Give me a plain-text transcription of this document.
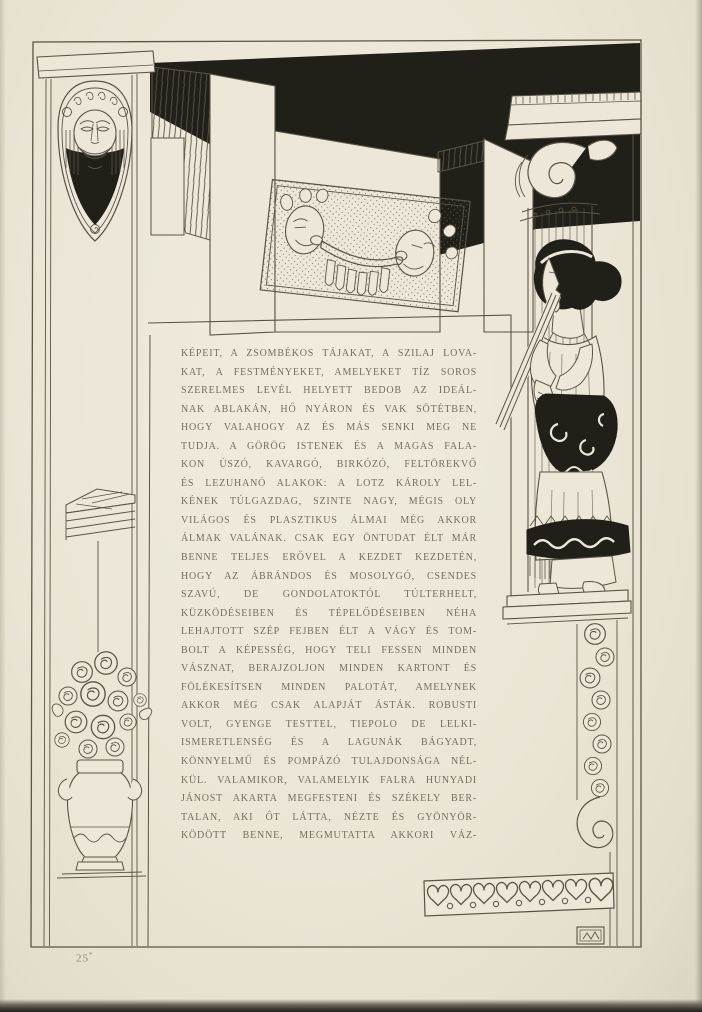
KÉPEIT, A ZSOMBÉKOS TÁJAKAT, A SZILAJ LOVA-
KAT, A FESTMÉNYEKET, AMELYEKET TÍZ SOROS
SZERELMES LEVÉL HELYETT BEDOB AZ IDEÁL-
NAK ABLAKÁN, HŐ NYÁRON ÉS VAK SÖTÉTBEN,
HOGY VALAHOGY AZ ÉS MÁS SENKI MEG NE
TUDJA. A GÖRÖG ISTENEK ÉS A MAGAS FALA-
KON ÚSZÓ, KAVARGÓ, BIRKÓZÓ, FELTÖREKVŐ
ÉS LEZUHANÓ ALAKOK: A LOTZ KÁROLY LEL-
KÉNEK TÚLGAZDAG, SZINTE NAGY, MÉGIS OLY
VILÁGOS ÉS PLASZTIKUS ÁLMAI MÉG AKKOR
ÁLMAK VALÁNAK. CSAK EGY ÖNTUDAT ÉLT MÁR
BENNE TELJES ERŐVEL A KEZDET KEZDETÉN,
HOGY AZ ÁBRÁNDOS ÉS MOSOLYGÓ, CSENDES
SZAVÚ, DE GONDOLATOKTÓL TÚLTERHELT,
KÜZKÖDÉSEIBEN ÉS TÉPELŐDÉSEIBEN NÉHA
LEHAJTOTT SZÉP FEJBEN ÉLT A VÁGY ÉS TOM-
BOLT A KÉPESSÉG, HOGY TELI FESSEN MINDEN
VÁSZNAT, BERAJZOLJON MINDEN KARTONT ÉS
FÖLÉKESÍTSEN MINDEN PALOTÁT, AMELYNEK
AKKOR MÉG CSAK ALAPJÁT ÁSTÁK. ROBUSTI
VOLT, GYENGE TESTTEL, TIEPOLO DE LELKI-
ISMERETLENSÉG ÉS A LAGUNÁK BÁGYADT,
KÖNNYELMŰ ÉS POMPÁZÓ TULAJDONSÁGA NÉL-
KÜL. VALAMIKOR, VALAMELYIK FALRA HUNYADI
JÁNOST AKARTA MEGFESTENI ÉS SZÉKELY BER-
TALAN, AKI ŐT LÁTTA, NÉZTE ÉS GYÖNYÖR-
KÖDÖTT BENNE, MEGMUTATTA AKKORI VÁZ-
25*
